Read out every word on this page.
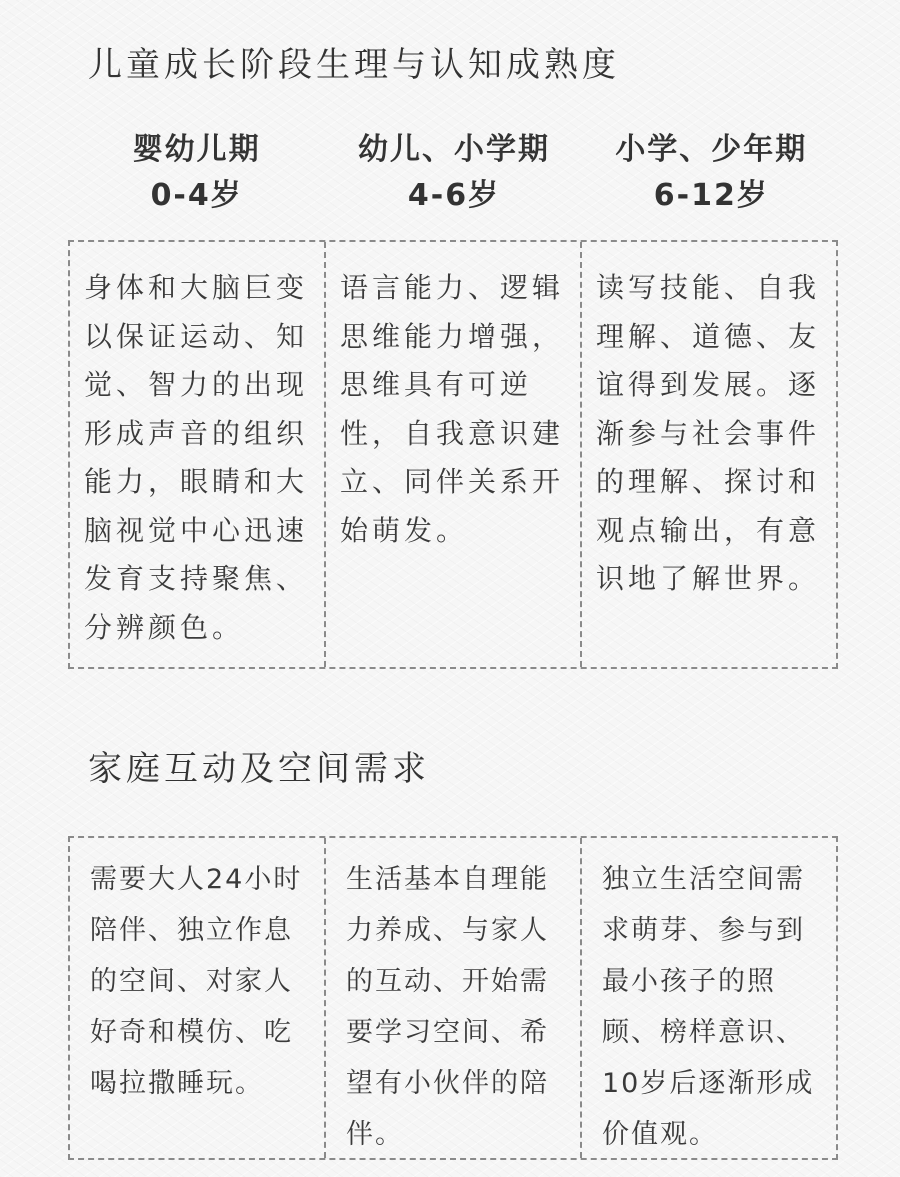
儿童成长阶段生理与认知成熟度
婴幼儿期
0-4岁
幼儿、小学期
4-6岁
小学、少年期
6-12岁
身体和大脑巨变以保证运动、知觉、智力的出现形成声音的组织能力，眼睛和大脑视觉中心迅速发育支持聚焦、分辨颜色。
语言能力、逻辑思维能力增强，思维具有可逆性，自我意识建立、同伴关系开始萌发。
读写技能、自我理解、道德、友谊得到发展。逐渐参与社会事件的理解、探讨和观点输出，有意识地了解世界。
家庭互动及空间需求
需要大人24小时陪伴、独立作息的空间、对家人好奇和模仿、吃喝拉撒睡玩。
生活基本自理能力养成、与家人的互动、开始需要学习空间、希望有小伙伴的陪伴。
独立生活空间需求萌芽、参与到最小孩子的照顾、榜样意识、10岁后逐渐形成价值观。
